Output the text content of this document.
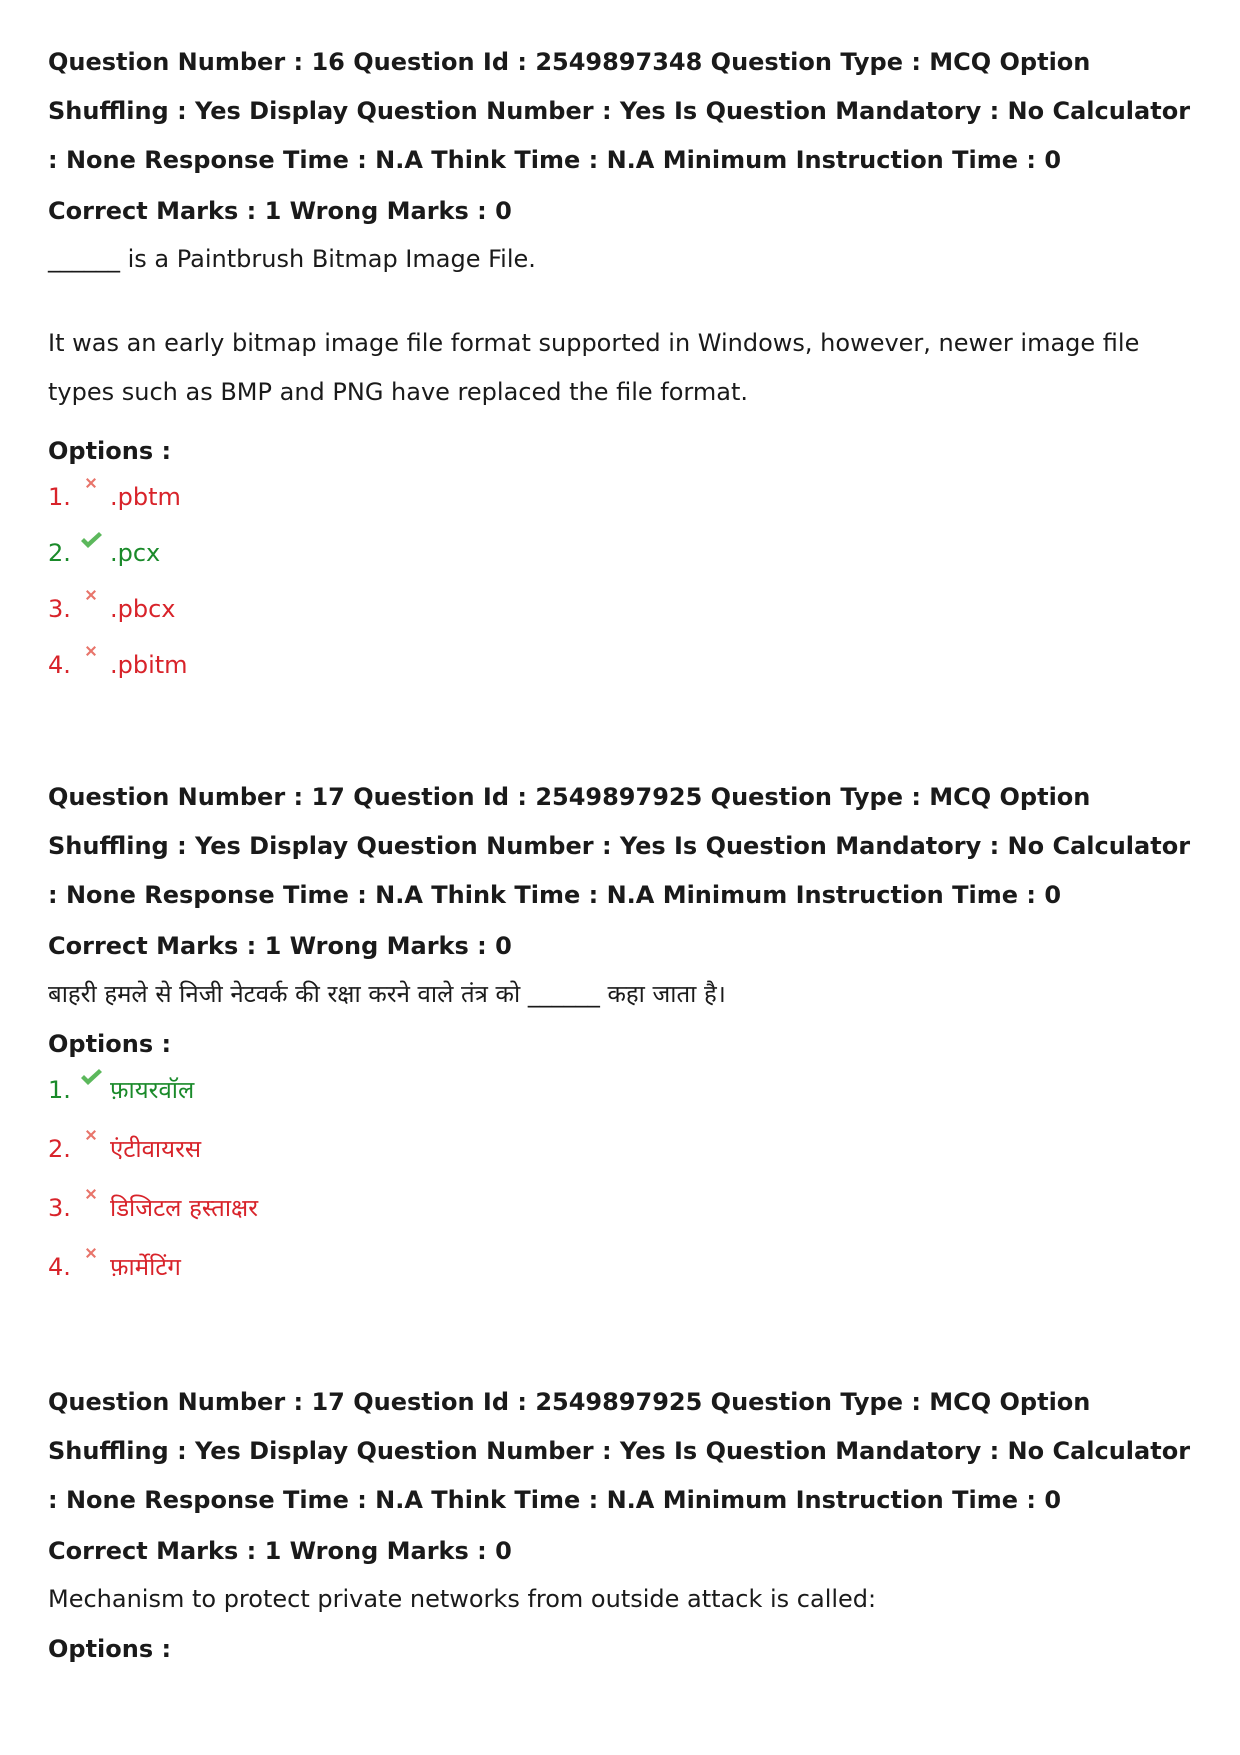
Question Number : 16 Question Id : 2549897348 Question Type : MCQ Option Shuffling : Yes Display Question Number : Yes Is Question Mandatory : No Calculator : None Response Time : N.A Think Time : N.A Minimum Instruction Time : 0

Correct Marks : 1 Wrong Marks : 0

______ is a Paintbrush Bitmap Image File.

It was an early bitmap image file format supported in Windows, however, newer image file types such as BMP and PNG have replaced the file format.

Options :

1. .pbtm
2. .pcx
3. .pbcx
4. .pbitm

Question Number : 17 Question Id : 2549897925 Question Type : MCQ Option Shuffling : Yes Display Question Number : Yes Is Question Mandatory : No Calculator : None Response Time : N.A Think Time : N.A Minimum Instruction Time : 0

Correct Marks : 1 Wrong Marks : 0

बाहरी हमले से निजी नेटवर्क की रक्षा करने वाले तंत्र को ______ कहा जाता है।

Options :

1. फ़ायरवॉल
2. एंटीवायरस
3. डिजिटल हस्ताक्षर
4. फ़ार्मेटिंग

Question Number : 17 Question Id : 2549897925 Question Type : MCQ Option Shuffling : Yes Display Question Number : Yes Is Question Mandatory : No Calculator : None Response Time : N.A Think Time : N.A Minimum Instruction Time : 0

Correct Marks : 1 Wrong Marks : 0

Mechanism to protect private networks from outside attack is called:

Options :
